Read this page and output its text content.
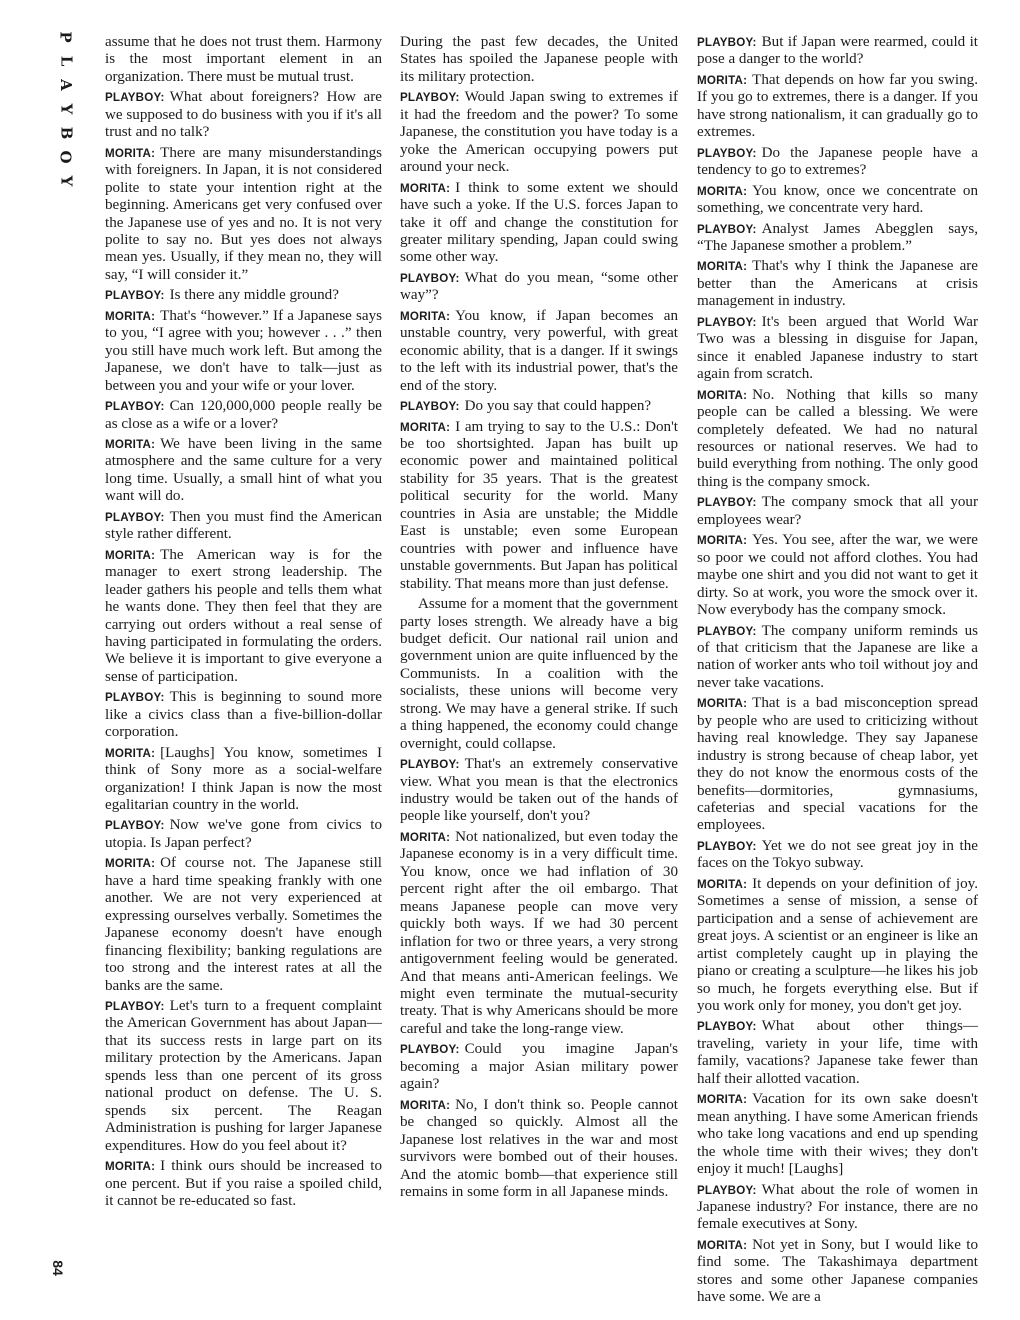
P
L
A
Y
B
O
Y
84

assume that he does not trust them. Harmony is the most important element in an organization. There must be mutual trust.

PLAYBOY: What about foreigners? How are we supposed to do business with you if it's all trust and no talk?

MORITA: There are many misunderstandings with foreigners. In Japan, it is not considered polite to state your intention right at the beginning. Americans get very confused over the Japanese use of yes and no. It is not very polite to say no. But yes does not always mean yes. Usually, if they mean no, they will say, “I will consider it.”

PLAYBOY: Is there any middle ground?

MORITA: That's “however.” If a Japanese says to you, “I agree with you; however . . .” then you still have much work left. But among the Japanese, we don't have to talk—just as between you and your wife or your lover.

PLAYBOY: Can 120,000,000 people really be as close as a wife or a lover?

MORITA: We have been living in the same atmosphere and the same culture for a very long time. Usually, a small hint of what you want will do.

PLAYBOY: Then you must find the American style rather different.

MORITA: The American way is for the manager to exert strong leadership. The leader gathers his people and tells them what he wants done. They then feel that they are carrying out orders without a real sense of having participated in formulating the orders. We believe it is important to give everyone a sense of participation.

PLAYBOY: This is beginning to sound more like a civics class than a five-billion-dollar corporation.

MORITA: [Laughs] You know, sometimes I think of Sony more as a social-welfare organization! I think Japan is now the most egalitarian country in the world.

PLAYBOY: Now we've gone from civics to utopia. Is Japan perfect?

MORITA: Of course not. The Japanese still have a hard time speaking frankly with one another. We are not very experienced at expressing ourselves verbally. Sometimes the Japanese economy doesn't have enough financing flexibility; banking regulations are too strong and the interest rates at all the banks are the same.

PLAYBOY: Let's turn to a frequent complaint the American Government has about Japan—that its success rests in large part on its military protection by the Americans. Japan spends less than one percent of its gross national product on defense. The U. S. spends six percent. The Reagan Administration is pushing for larger Japanese expenditures. How do you feel about it?

MORITA: I think ours should be increased to one percent. But if you raise a spoiled child, it cannot be re-educated so fast.

During the past few decades, the United States has spoiled the Japanese people with its military protection.

PLAYBOY: Would Japan swing to extremes if it had the freedom and the power? To some Japanese, the constitution you have today is a yoke the American occupying powers put around your neck.

MORITA: I think to some extent we should have such a yoke. If the U.S. forces Japan to take it off and change the constitution for greater military spending, Japan could swing some other way.

PLAYBOY: What do you mean, “some other way”?

MORITA: You know, if Japan becomes an unstable country, very powerful, with great economic ability, that is a danger. If it swings to the left with its industrial power, that's the end of the story.

PLAYBOY: Do you say that could happen?

MORITA: I am trying to say to the U.S.: Don't be too shortsighted. Japan has built up economic power and maintained political stability for 35 years. That is the greatest political security for the world. Many countries in Asia are unstable; the Middle East is unstable; even some European countries with power and influence have unstable governments. But Japan has political stability. That means more than just defense.

Assume for a moment that the government party loses strength. We already have a big budget deficit. Our national rail union and government union are quite influenced by the Communists. In a coalition with the socialists, these unions will become very strong. We may have a general strike. If such a thing happened, the economy could change overnight, could collapse.

PLAYBOY: That's an extremely conservative view. What you mean is that the electronics industry would be taken out of the hands of people like yourself, don't you?

MORITA: Not nationalized, but even today the Japanese economy is in a very difficult time. You know, once we had inflation of 30 percent right after the oil embargo. That means Japanese people can move very quickly both ways. If we had 30 percent inflation for two or three years, a very strong antigovernment feeling would be generated. And that means anti-American feelings. We might even terminate the mutual-security treaty. That is why Americans should be more careful and take the long-range view.

PLAYBOY: Could you imagine Japan's becoming a major Asian military power again?

MORITA: No, I don't think so. People cannot be changed so quickly. Almost all the Japanese lost relatives in the war and most survivors were bombed out of their houses. And the atomic bomb—that experience still remains in some form in all Japanese minds.

PLAYBOY: But if Japan were rearmed, could it pose a danger to the world?

MORITA: That depends on how far you swing. If you go to extremes, there is a danger. If you have strong nationalism, it can gradually go to extremes.

PLAYBOY: Do the Japanese people have a tendency to go to extremes?

MORITA: You know, once we concentrate on something, we concentrate very hard.

PLAYBOY: Analyst James Abegglen says, “The Japanese smother a problem.”

MORITA: That's why I think the Japanese are better than the Americans at crisis management in industry.

PLAYBOY: It's been argued that World War Two was a blessing in disguise for Japan, since it enabled Japanese industry to start again from scratch.

MORITA: No. Nothing that kills so many people can be called a blessing. We were completely defeated. We had no natural resources or national reserves. We had to build everything from nothing. The only good thing is the company smock.

PLAYBOY: The company smock that all your employees wear?

MORITA: Yes. You see, after the war, we were so poor we could not afford clothes. You had maybe one shirt and you did not want to get it dirty. So at work, you wore the smock over it. Now everybody has the company smock.

PLAYBOY: The company uniform reminds us of that criticism that the Japanese are like a nation of worker ants who toil without joy and never take vacations.

MORITA: That is a bad misconception spread by people who are used to criticizing without having real knowledge. They say Japanese industry is strong because of cheap labor, yet they do not know the enormous costs of the benefits—dormitories, gymnasiums, cafeterias and special vacations for the employees.

PLAYBOY: Yet we do not see great joy in the faces on the Tokyo subway.

MORITA: It depends on your definition of joy. Sometimes a sense of mission, a sense of participation and a sense of achievement are great joys. A scientist or an engineer is like an artist completely caught up in playing the piano or creating a sculpture—he likes his job so much, he forgets everything else. But if you work only for money, you don't get joy.

PLAYBOY: What about other things—traveling, variety in your life, time with family, vacations? Japanese take fewer than half their allotted vacation.

MORITA: Vacation for its own sake doesn't mean anything. I have some American friends who take long vacations and end up spending the whole time with their wives; they don't enjoy it much! [Laughs]

PLAYBOY: What about the role of women in Japanese industry? For instance, there are no female executives at Sony.

MORITA: Not yet in Sony, but I would like to find some. The Takashimaya department stores and some other Japanese companies have some. We are a
